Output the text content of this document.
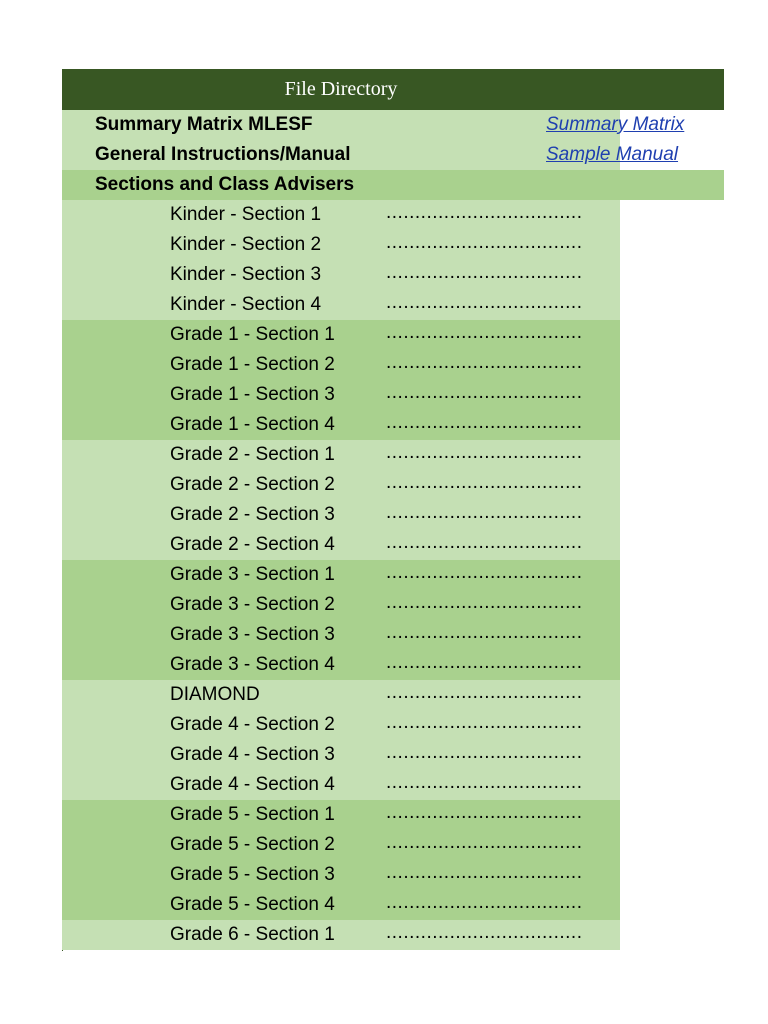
File Directory
Summary Matrix MLESF	Summary Matrix
General Instructions/Manual	Sample Manual
Sections and Class Advisers
Kinder - Section 1	..................................
Kinder - Section 2	..................................
Kinder - Section 3	..................................
Kinder - Section 4	..................................
Grade 1 - Section 1	..................................
Grade 1 - Section 2	..................................
Grade 1 - Section 3	..................................
Grade 1 - Section 4	..................................
Grade 2 - Section 1	..................................
Grade 2 - Section 2	..................................
Grade 2 - Section 3	..................................
Grade 2 - Section 4	..................................
Grade 3 - Section 1	..................................
Grade 3 - Section 2	..................................
Grade 3 - Section 3	..................................
Grade 3 - Section 4	..................................
DIAMOND	..................................
Grade 4 - Section 2	..................................
Grade 4 - Section 3	..................................
Grade 4 - Section 4	..................................
Grade 5 - Section 1	..................................
Grade 5 - Section 2	..................................
Grade 5 - Section 3	..................................
Grade 5 - Section 4	..................................
Grade 6 - Section 1	..................................
